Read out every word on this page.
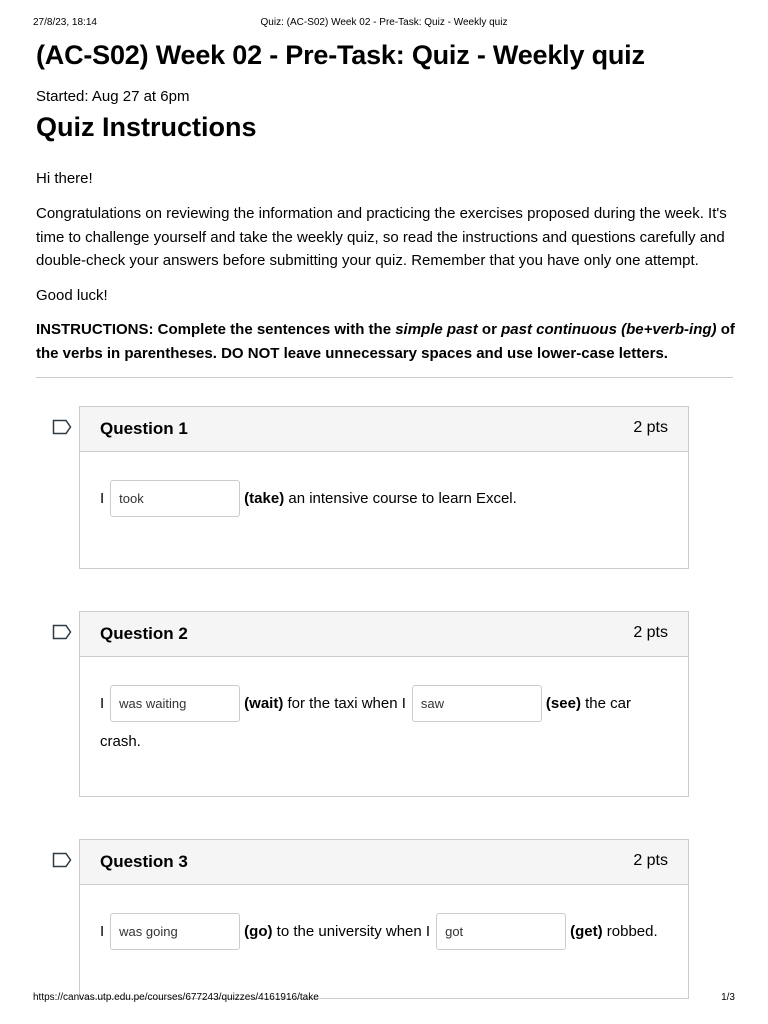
27/8/23, 18:14	Quiz: (AC-S02) Week 02 - Pre-Task: Quiz - Weekly quiz
(AC-S02) Week 02 - Pre-Task: Quiz - Weekly quiz
Started: Aug 27 at 6pm
Quiz Instructions

Hi there!

Congratulations on reviewing the information and practicing the exercises proposed during the week. It's time to challenge yourself and take the weekly quiz, so read the instructions and questions carefully and double-check your answers before submitting your quiz. Remember that you have only one attempt.

Good luck!

INSTRUCTIONS: Complete the sentences with the simple past or past continuous (be+verb-ing) of the verbs in parentheses. DO NOT leave unnecessary spaces and use lower-case letters.

Question 1	2 pts
I	took	(take) an intensive course to learn Excel.
Question 2	2 pts
I	was waiting	(wait) for the taxi when I	saw	(see) the car
crash.
Question 3	2 pts
I	was going	(go) to the university when I	got	(get) robbed.
https://canvas.utp.edu.pe/courses/677243/quizzes/4161916/take	1/3
